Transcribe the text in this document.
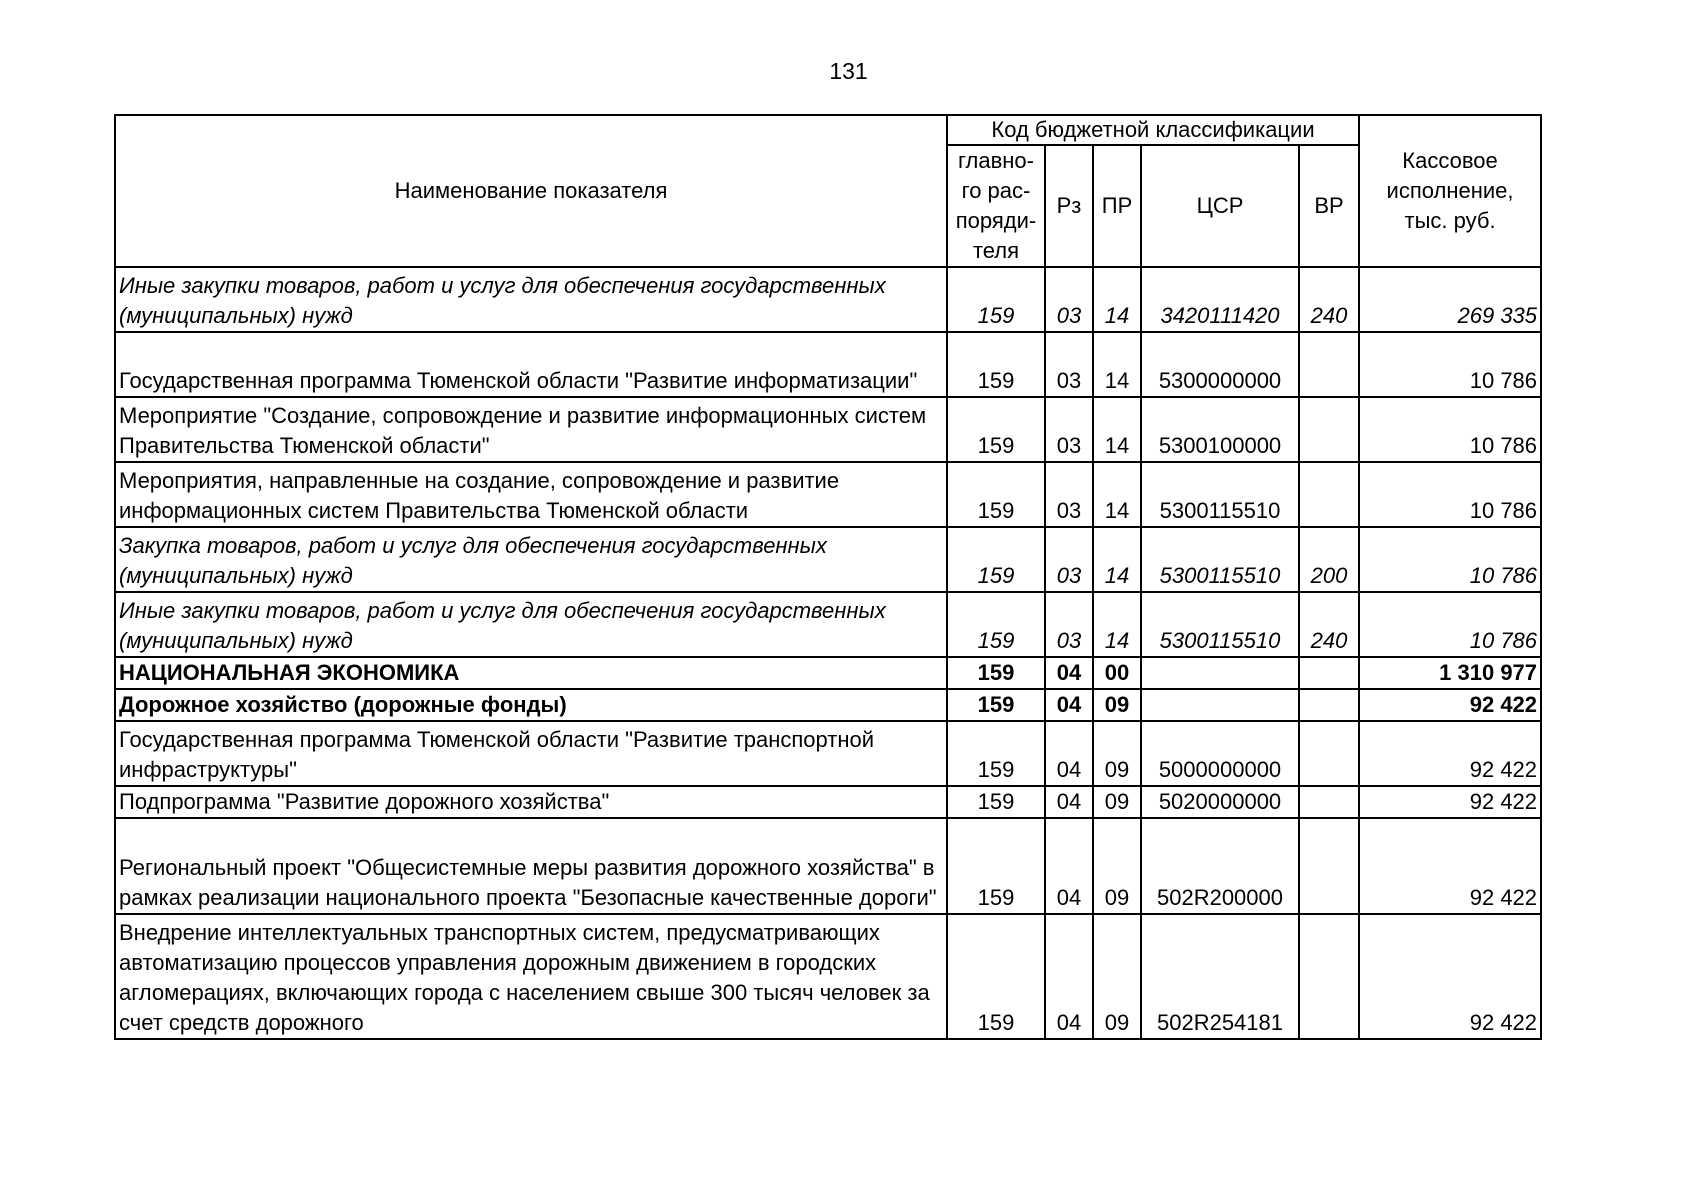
131
Наименование показателя	Код бюджетной классификации					Кассовое исполнение, тыс. руб.
	главно-го рас-поряди-теля	Рз	ПР	ЦСР	ВР	
Иные закупки товаров, работ и услуг для обеспечения государственных (муниципальных) нужд	159	03	14	3420111420	240	269 335
Государственная программа Тюменской области "Развитие информатизации"	159	03	14	5300000000		10 786
Мероприятие "Создание, сопровождение и развитие информационных систем Правительства Тюменской области"	159	03	14	5300100000		10 786
Мероприятия, направленные на создание, сопровождение и развитие информационных систем Правительства Тюменской области	159	03	14	5300115510		10 786
Закупка товаров, работ и услуг для обеспечения государственных (муниципальных) нужд	159	03	14	5300115510	200	10 786
Иные закупки товаров, работ и услуг для обеспечения государственных (муниципальных) нужд	159	03	14	5300115510	240	10 786
НАЦИОНАЛЬНАЯ ЭКОНОМИКА	159	04	00			1 310 977
Дорожное хозяйство (дорожные фонды)	159	04	09			92 422
Государственная программа Тюменской области "Развитие транспортной инфраструктуры"	159	04	09	5000000000		92 422
Подпрограмма "Развитие дорожного хозяйства"	159	04	09	5020000000		92 422
Региональный проект "Общесистемные меры развития дорожного хозяйства" в рамках реализации национального проекта "Безопасные качественные дороги"	159	04	09	502R200000		92 422
Внедрение интеллектуальных транспортных систем, предусматривающих автоматизацию процессов управления дорожным движением в городских агломерациях, включающих города с населением свыше 300 тысяч человек за счет средств дорожного	159	04	09	502R254181		92 422
